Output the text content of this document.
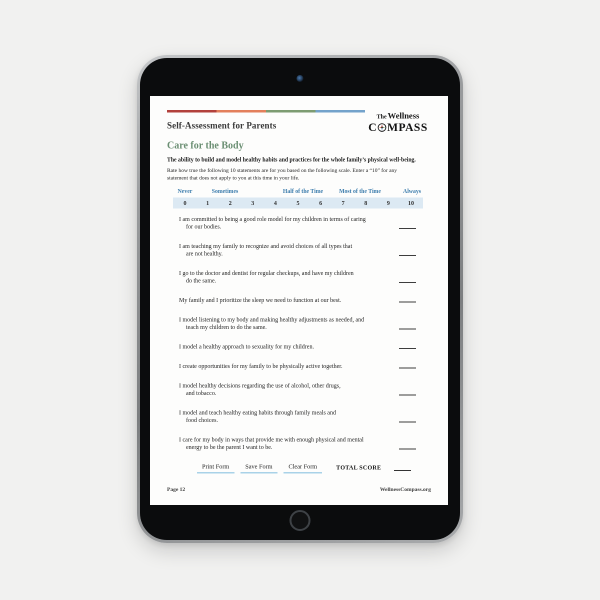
Self-Assessment for Parents
TheWellness
C MPASS
Care for the Body
The ability to build and model healthy habits and practices for the whole family’s physical well-being.
Rate how true the following 10 statements are for you based on the following scale. Enter a “10” for any
statement that does not apply to you at this time in your life.
Never Sometimes	Half of the Time Most of the Time Always
0 1 2 3 4 5 6 7 8 9 10
I am committed to being a good role model for my children in terms of caring
for our bodies.
I am teaching my family to recognize and avoid choices of all types that
are not healthy.
I go to the doctor and dentist for regular checkups, and have my children
do the same.
My family and I prioritize the sleep we need to function at our best.
I model listening to my body and making healthy adjustments as needed, and
teach my children to do the same.
I model a healthy approach to sexuality for my children.
I create opportunities for my family to be physically active together.
I model healthy decisions regarding the use of alcohol, other drugs,
and tobacco.
I model and teach healthy eating habits through family meals and
food choices.
I care for my body in ways that provide me with enough physical and mental
energy to be the parent I want to be.
Print Form	Save Form	Clear Form	TOTAL SCORE
Page 12	WellnessCompass.org
